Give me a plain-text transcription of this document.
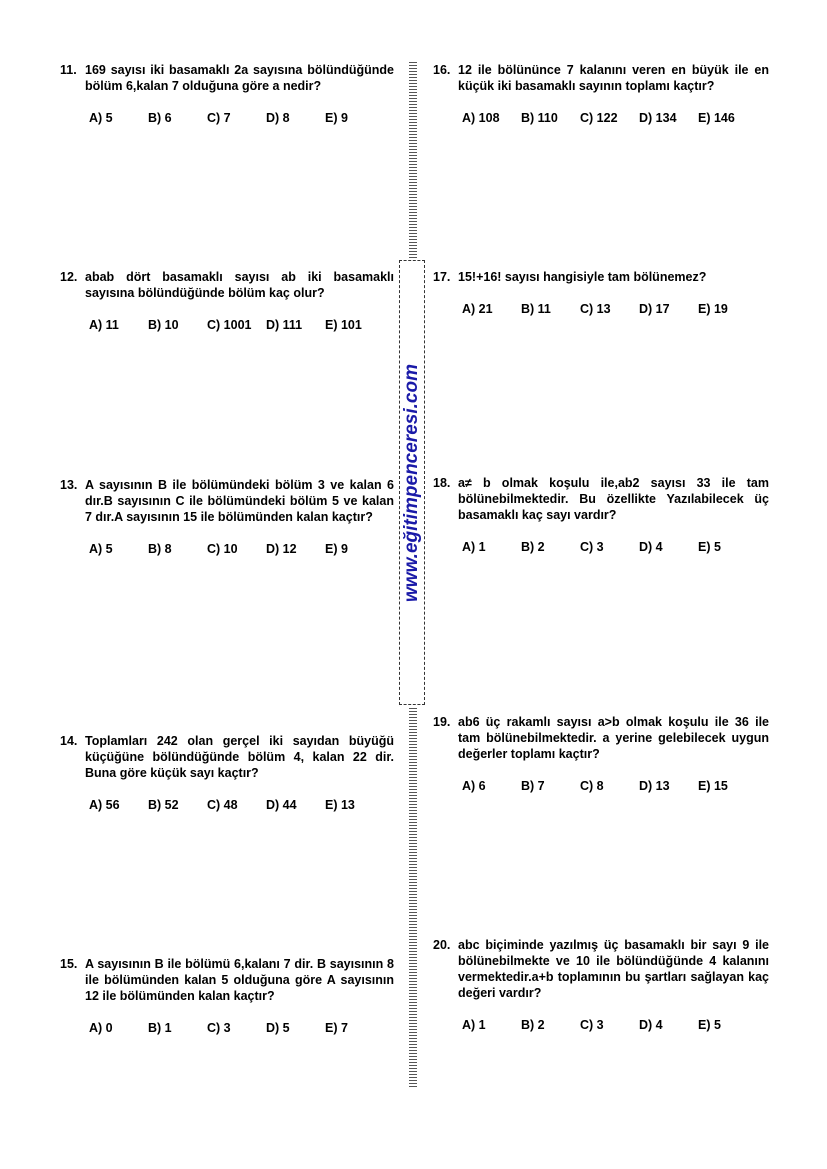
www.eğitimpenceresi.com
11. 169 sayısı iki basamaklı 2a sayısına bölündüğünde bölüm 6,kalan 7 olduğuna göre a nedir?
A) 5	B) 6	C) 7	D) 8	E) 9
12. abab dört basamaklı sayısı ab iki basamaklı sayısına bölündüğünde bölüm kaç olur?
A) 11	B) 10	C) 1001	D) 111	E) 101
13. A sayısının B ile bölümündeki bölüm 3 ve kalan 6 dır.B sayısının C ile bölümündeki bölüm 5 ve kalan 7 dır.A sayısının 15 ile bölümünden kalan kaçtır?
A) 5	B) 8	C) 10	D) 12	E) 9
14. Toplamları 242 olan gerçel iki sayıdan büyüğü küçüğüne bölündüğünde bölüm 4, kalan 22 dir. Buna göre küçük sayı kaçtır?
A) 56	B) 52	C) 48	D) 44	E) 13
15. A sayısının B ile bölümü 6,kalanı 7 dir. B sayısının 8 ile bölümünden kalan 5 olduğuna göre A sayısının 12 ile bölümünden kalan kaçtır?
A) 0	B) 1	C) 3	D) 5	E) 7
16. 12 ile bölününce 7 kalanını veren en büyük ile en küçük iki basamaklı sayının toplamı kaçtır?
A) 108	B) 110	C) 122	D) 134	E) 146
17. 15!+16! sayısı hangisiyle tam bölünemez?
A) 21	B) 11	C) 13	D) 17	E) 19
18. a≠ b olmak koşulu ile,ab2 sayısı 33 ile tam bölünebilmektedir. Bu özellikte Yazılabilecek üç basamaklı kaç sayı vardır?
A) 1	B) 2	C) 3	D) 4	E) 5
19. ab6 üç rakamlı sayısı a>b olmak koşulu ile 36 ile tam bölünebilmektedir. a yerine gelebilecek uygun değerler toplamı kaçtır?
A) 6	B) 7	C) 8	D) 13	E) 15
20. abc biçiminde yazılmış üç basamaklı bir sayı 9 ile bölünebilmekte ve 10 ile bölündüğünde 4 kalanını vermektedir.a+b toplamının bu şartları sağlayan kaç değeri vardır?
A) 1	B) 2	C) 3	D) 4	E) 5
